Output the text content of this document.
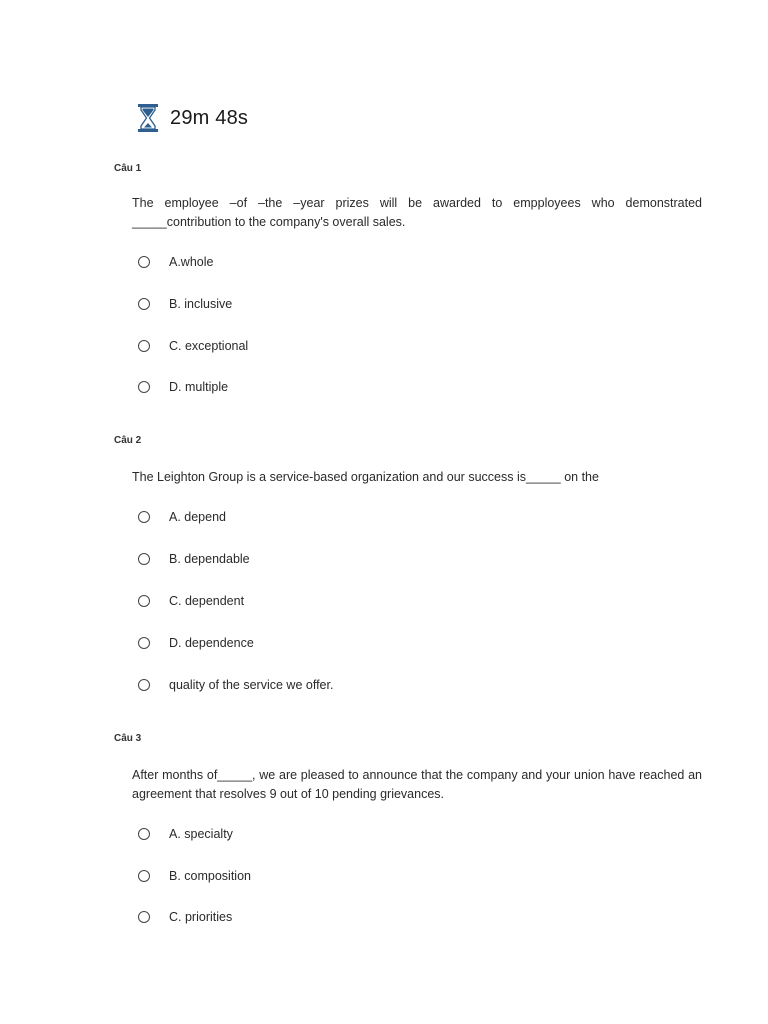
29m 48s
Câu 1
The employee –of –the –year prizes will be awarded to empployees who demonstrated _____contribution to the company's overall sales.
A.whole
B. inclusive
C. exceptional
D. multiple
Câu 2
The Leighton Group is a service-based organization and our success is_____ on the
A. depend
B. dependable
C. dependent
D. dependence
quality of the service we offer.
Câu 3
After months of_____, we are pleased to announce that the company and your union have reached an agreement that resolves 9 out of 10 pending grievances.
A. specialty
B. composition
C. priorities
